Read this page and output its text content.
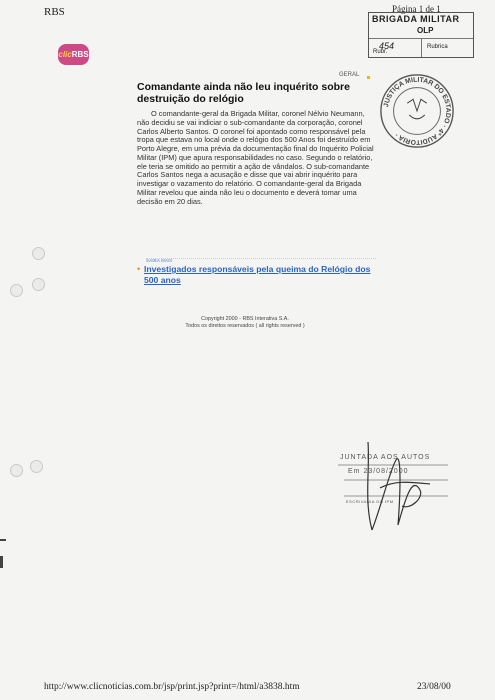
RBS	Página 1 de 1
BRIGADA MILITAR
OLP
454	Rubrica
Rubr.
clic RBS
GERAL
JUSTIÇA MILITAR DO ESTADO · 4ª AUDITORIA ·
Comandante ainda não leu inquérito sobre destruição do relógio

O comandante-geral da Brigada Militar, coronel Nélvio Neumann, não decidiu se vai indiciar o sub-comandante da corporação, coronel Carlos Alberto Santos. O coronel foi apontado como responsável pela tropa que estava no local onde o relógio dos 500 Anos foi destruído em Porto Alegre, em uma prévia da documentação final do Inquérito Policial Militar (IPM) que apura responsabilidades no caso. Segundo o relatório, ele teria se omitido ao permitir a ação de vândalos. O sub-comandante Carlos Santos nega a acusação e disse que vai abrir inquérito para investigar o vazamento do relatório. O comandante-geral da Brigada Militar revelou que ainda não leu o documento e deverá tomar uma decisão em 20 dias.

SAIBA MAIS
• Investigados responsáveis pela queima do Relógio dos 500 anos
Copyright 2000 - RBS Interativa S.A.
Todos os direitos reservados ( all rights reserved )
JUNTADA AOS AUTOS
Em 23/08/2000
ESCRIVANIA DO IPM
http://www.clicnoticias.com.br/jsp/print.jsp?print=/html/a3838.htm	23/08/00
